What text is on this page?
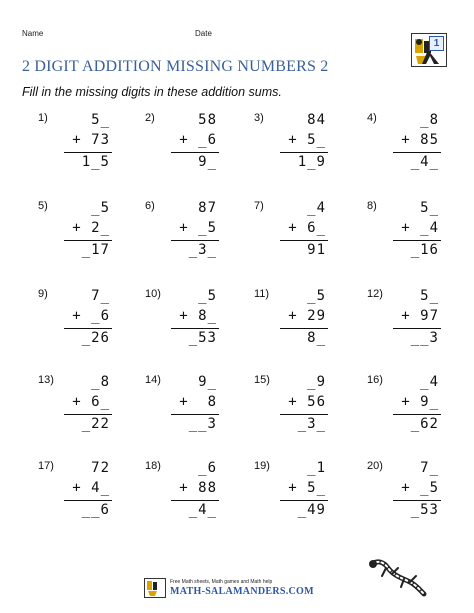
Name	Date
1
2 DIGIT ADDITION MISSING NUMBERS 2
Fill in the missing digits in these addition sums.
1)	5_
+ 73
1_5
2)	58
+ _6
9_
3)	84
+ 5_
1_9
4)	_8
+ 85
_4_
5)	_5
+ 2_
_17
6)	87
+ _5
_3_
7)	_4
+ 6_
91
8)	5_
+ _4
_16
9)	7_
+ _6
_26
10)	_5
+ 8_
_53
11)	_5
+ 29
8_
12)	5_
+ 97
__3
13)	_8
+ 6_
_22
14)	9_
+  8
__3
15)	_9
+ 56
_3_
16)	_4
+ 9_
_62
17)	72
+ 4_
__6
18)	_6
+ 88
_4_
19)	_1
+ 5_
_49
20)	7_
+ _5
_53
Free Math sheets, Math games and Math help
MATH-SALAMANDERS.COM
